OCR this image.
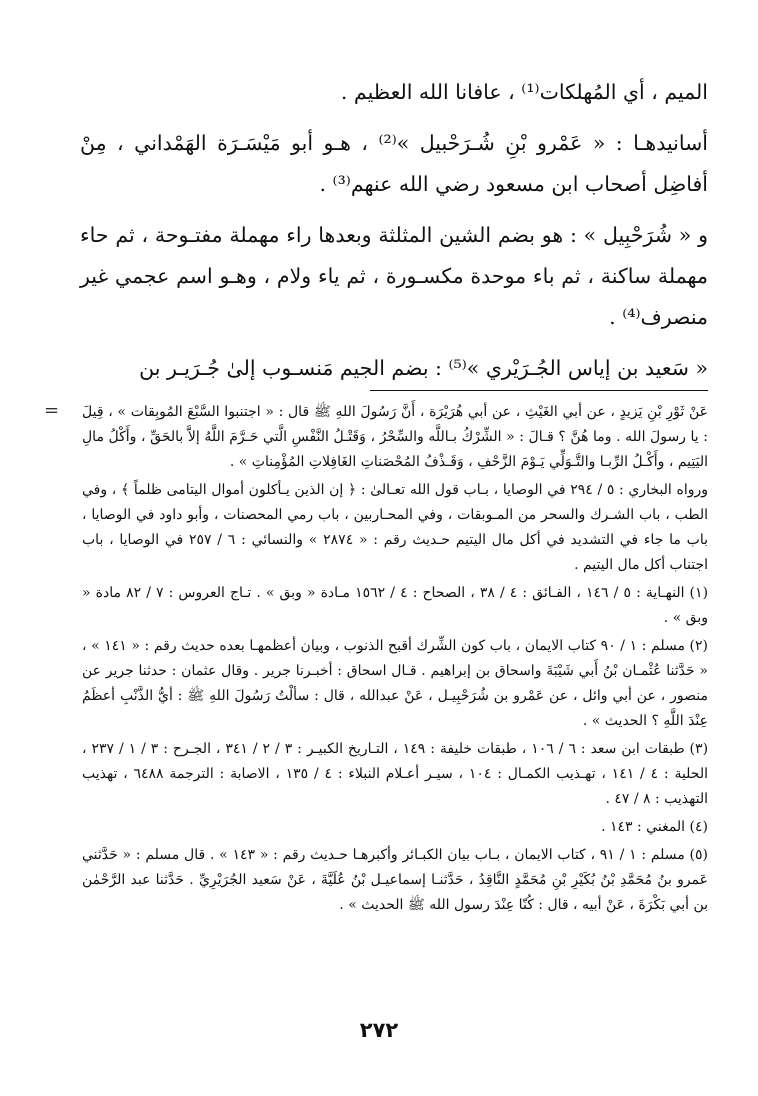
الميم ، أي المُهلكات⁽¹⁾ ، عافانا الله العظيم .

أسانيدهـا : « عَمْرو بْنِ شُـرَحْبيل »⁽²⁾ ، هـو أبو مَيْسَـرَة الهَمْداني ، مِنْ أفاضِل أصحاب ابن مسعود رضي الله عنهم⁽³⁾ .

و « شُرَحْبِيل » : هو بضم الشين المثلثة وبعدها راء مهملة مفتـوحة ، ثم حاء مهملة ساكنة ، ثم باء موحدة مكسـورة ، ثم ياء ولام ، وهـو اسم عجمي غير منصرف⁽⁴⁾ .

« سَعيد بن إياس الجُـرَيْري »⁽⁵⁾ : بضم الجيم مَنسـوب إلىٰ جُـرَيـر بن

= عَنْ ثَوْرِ بْنِ يَزيدٍ ، عن أبي الغَيْثِ ، عن أبي هُرَيْرَة ، أَنَّ رَسُولَ اللهِ ﷺ قال : « اجتنبوا السَّبْعَ المُوبِقات » ، قِيلَ : يا رسولَ الله . وما هُنَّ ؟ قـالَ : « الشِّرْكُ بـاللَّه والسِّحْرُ ، وَقَتْـلُ النَّفْسِ الَّتي حَـرَّمَ اللَّهُ إلاَّ بالحَقِّ ، وأَكْلُ مالِ اليَتِيم ، وأَكْـلُ الرِّبـا والتَّـوَلِّي يَـوْمَ الزَّحْفِ ، وَقَـذْفُ المُحْصَناتِ الغَافِلاتِ المُؤْمِناتِ » .

ورواه البخاري : ٥ / ٢٩٤ في الوصايا ، بـاب قول الله تعـالىٰ : ﴿ إن الذين يـأكلون أموال اليتامى ظلماً ﴾ ، وفي الطب ، باب الشـرك والسحر من المـوبقات ، وفي المحـاربين ، باب رمي المحصنات ، وأبو داود في الوصايا ، باب ما جاء في التشديد في أكل مال اليتيم حـديث رقم : « ٢٨٧٤ » والنسائي : ٦ / ٢٥٧ في الوصايا ، باب اجتناب أكل مال اليتيم .

(١) النهـاية : ٥ / ١٤٦ ، الفـائق : ٤ / ٣٨ ، الصحاح : ٤ / ١٥٦٢ مـادة « وبق » . تـاج العروس : ٧ / ٨٢ مادة « وبق » .

(٢) مسلم : ١ / ٩٠ كتاب الايمان ، باب كون الشِّرك أقبح الذنوب ، وبيان أعظمهـا بعده حديث رقم : « ١٤١ » ، « حَدَّثنا عُثْمـان بْنُ أَبي شَيْبَةَ واسحاق بن إبراهيم . قـال اسحاق : أخبـرنا جرير . وقال عثمان : حدثنا جرير عن منصور ، عن أبي وائل ، عن عَمْرو بن شُرَحْبِيـل ، عَنْ عبدالله ، قال : سألْتُ رَسُولَ اللهِ ﷺ : أيُّ الذَّنْبِ أعظَمُ عِنْدَ اللَّهِ ؟ الحديث » .

(٣) طبقات ابن سعد : ٦ / ١٠٦ ، طبقات خليفة : ١٤٩ ، التـاريخ الكبيـر : ٣ / ٢ / ٣٤١ ، الجـرح : ٣ / ١ / ٢٣٧ ، الحلية : ٤ / ١٤١ ، تهـذيب الكمـال : ١٠٤ ، سيـر أعـلام النبلاء : ٤ / ١٣٥ ، الاصابة : الترجمة ٦٤٨٨ ، تهذيب التهذيب : ٨ / ٤٧ .

(٤) المغني : ١٤٣ .

(٥) مسلم : ١ / ٩١ ، كتاب الايمان ، بـاب بيان الكبـائر وأكبرهـا حـديث رقم : « ١٤٣ » . قال مسلم : « حَدَّثني عَمرو بنُ مُحَمَّدِ بْنُ بُكَيْرِ بْنِ مُحَمَّدٍ النَّاقِدُ ، حَدَّثنـا إسماعيـل بْنُ عُلَيَّةَ ، عَنْ سَعيد الجُرَيْرِيِّ . حَدَّثنا عبد الرَّحْمٰن بن أبي بَكْرَةَ ، عَنْ أبيه ، قال : كُنّا عِنْدَ رسول الله ﷺ الحديث » .

٢٧٢
